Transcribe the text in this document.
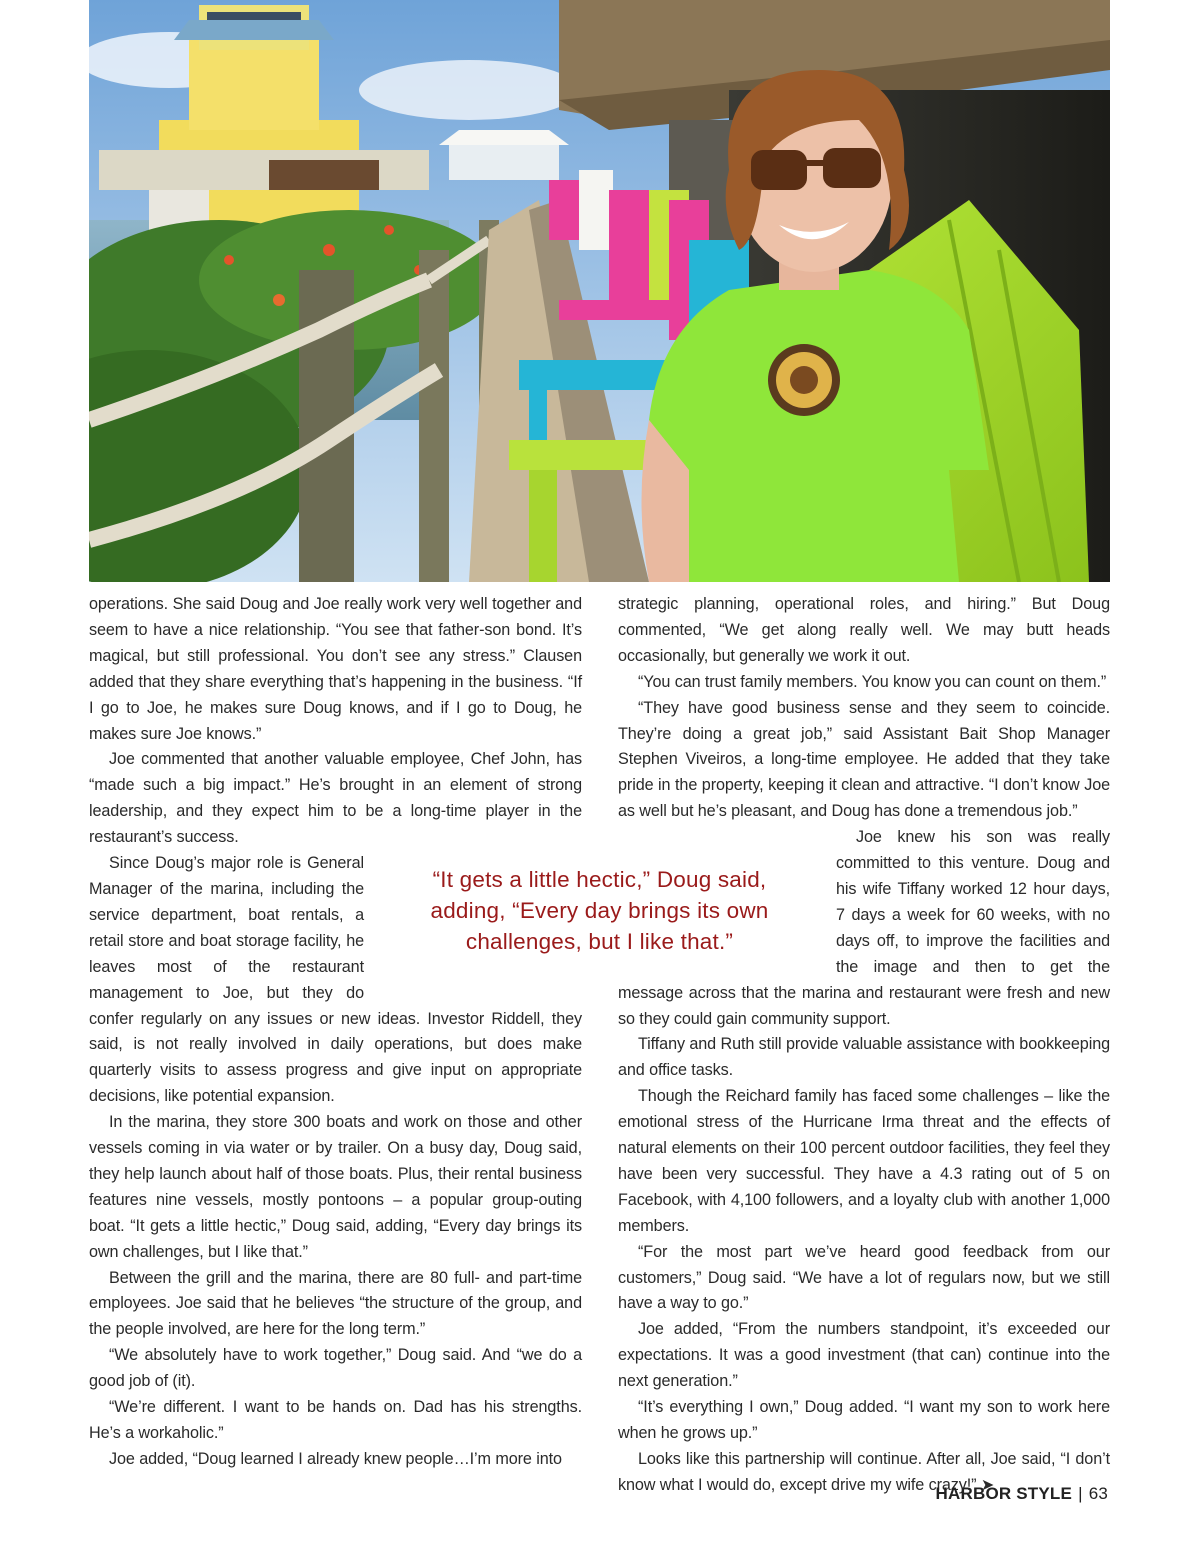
operations. She said Doug and Joe really work very well together and seem to have a nice relationship. “You see that father-son bond. It’s magical, but still professional. You don’t see any stress.” Clausen added that they share everything that’s happening in the business. “If I go to Joe, he makes sure Doug knows, and if I go to Doug, he makes sure Joe knows.”

Joe commented that another valuable employee, Chef John, has “made such a big impact.” He’s brought in an element of strong leadership, and they expect him to be a long-time player in the restaurant’s success.

Since Doug’s major role is General Manager of the marina, including the service department, boat rentals, a retail store and boat storage facility, he leaves most of the restaurant management to Joe, but they do confer regularly on any issues or new ideas. Investor Riddell, they said, is not really involved in daily operations, but does make quarterly visits to assess progress and give input on appropriate decisions, like potential expansion.

In the marina, they store 300 boats and work on those and other vessels coming in via water or by trailer. On a busy day, Doug said, they help launch about half of those boats. Plus, their rental business features nine vessels, mostly pontoons – a popular group-outing boat. “It gets a little hectic,” Doug said, adding, “Every day brings its own challenges, but I like that.”

Between the grill and the marina, there are 80 full- and part-time employees. Joe said that he believes “the structure of the group, and the people involved, are here for the long term.”

“We absolutely have to work together,” Doug said. And “we do a good job of (it).

“We’re different. I want to be hands on. Dad has his strengths. He’s a workaholic.”

Joe added, “Doug learned I already knew people…I’m more into

strategic planning, operational roles, and hiring.” But Doug commented, “We get along really well. We may butt heads occasionally, but generally we work it out.

“You can trust family members. You know you can count on them.”

“They have good business sense and they seem to coincide. They’re doing a great job,” said Assistant Bait Shop Manager Stephen Viveiros, a long-time employee. He added that they take pride in the property, keeping it clean and attractive. “I don’t know Joe as well but he’s pleasant, and Doug has done a tremendous job.”

Joe knew his son was really committed to this venture. Doug and his wife Tiffany worked 12 hour days, 7 days a week for 60 weeks, with no days off, to improve the facilities and the image and then to get the message across that the marina and restaurant were fresh and new so they could gain community support.

Tiffany and Ruth still provide valuable assistance with bookkeeping and office tasks.

Though the Reichard family has faced some challenges – like the emotional stress of the Hurricane Irma threat and the effects of natural elements on their 100 percent outdoor facilities, they feel they have been very successful. They have a 4.3 rating out of 5 on Facebook, with 4,100 followers, and a loyalty club with another 1,000 members.

“For the most part we’ve heard good feedback from our customers,” Doug said. “We have a lot of regulars now, but we still have a way to go.”

Joe added, “From the numbers standpoint, it’s exceeded our expectations. It was a good investment (that can) continue into the next generation.”

“It’s everything I own,” Doug added. “I want my son to work here when he grows up.”

Looks like this partnership will continue. After all, Joe said, “I don’t know what I would do, except drive my wife crazy!” ➤

“It gets a little hectic,” Doug said, adding, “Every day brings its own challenges, but I like that.”
HARBOR STYLE | 63
